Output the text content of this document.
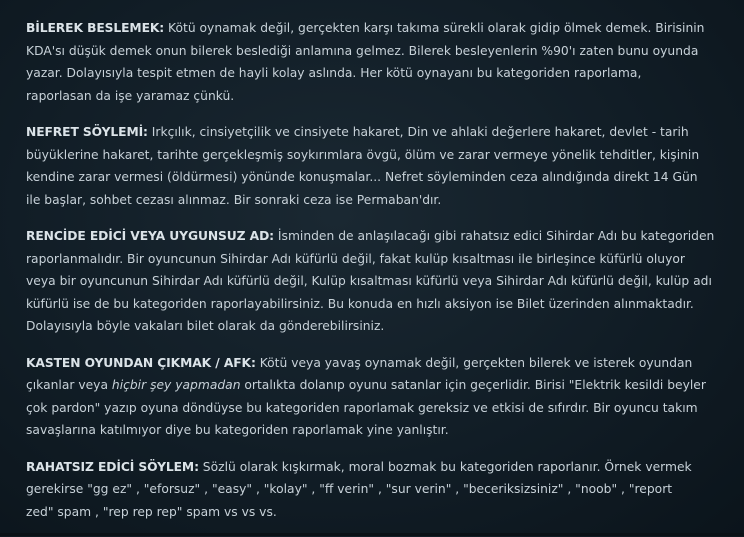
BİLEREK BESLEMEK: Kötü oynamak değil, gerçekten karşı takıma sürekli olarak gidip ölmek demek. Birisinin
KDA'sı düşük demek onun bilerek beslediği anlamına gelmez. Bilerek besleyenlerin %90'ı zaten bunu oyunda
yazar. Dolayısıyla tespit etmen de hayli kolay aslında. Her kötü oynayanı bu kategoriden raporlama,
raporlasan da işe yaramaz çünkü.

NEFRET SÖYLEMİ: Irkçılık, cinsiyetçilik ve cinsiyete hakaret, Din ve ahlaki değerlere hakaret, devlet - tarih
büyüklerine hakaret, tarihte gerçekleşmiş soykırımlara övgü, ölüm ve zarar vermeye yönelik tehditler, kişinin
kendine zarar vermesi (öldürmesi) yönünde konuşmalar... Nefret söyleminden ceza alındığında direkt 14 Gün
ile başlar, sohbet cezası alınmaz. Bir sonraki ceza ise Permaban'dır.

RENCİDE EDİCİ VEYA UYGUNSUZ AD: İsminden de anlaşılacağı gibi rahatsız edici Sihirdar Adı bu kategoriden
raporlanmalıdır. Bir oyuncunun Sihirdar Adı küfürlü değil, fakat kulüp kısaltması ile birleşince küfürlü oluyor
veya bir oyuncunun Sihirdar Adı küfürlü değil, Kulüp kısaltması küfürlü veya Sihirdar Adı küfürlü değil, kulüp adı
küfürlü ise de bu kategoriden raporlayabilirsiniz. Bu konuda en hızlı aksiyon ise Bilet üzerinden alınmaktadır.
Dolayısıyla böyle vakaları bilet olarak da gönderebilirsiniz.

KASTEN OYUNDAN ÇIKMAK / AFK: Kötü veya yavaş oynamak değil, gerçekten bilerek ve isterek oyundan
çıkanlar veya hiçbir şey yapmadan ortalıkta dolanıp oyunu satanlar için geçerlidir. Birisi "Elektrik kesildi beyler
çok pardon" yazıp oyuna döndüyse bu kategoriden raporlamak gereksiz ve etkisi de sıfırdır. Bir oyuncu takım
savaşlarına katılmıyor diye bu kategoriden raporlamak yine yanlıştır.

RAHATSIZ EDİCİ SÖYLEM: Sözlü olarak kışkırmak, moral bozmak bu kategoriden raporlanır. Örnek vermek
gerekirse "gg ez" , "eforsuz" , "easy" , "kolay" , "ff verin" , "sur verin" , "beceriksizsiniz" , "noob" , "report
zed" spam , "rep rep rep" spam vs vs vs.
